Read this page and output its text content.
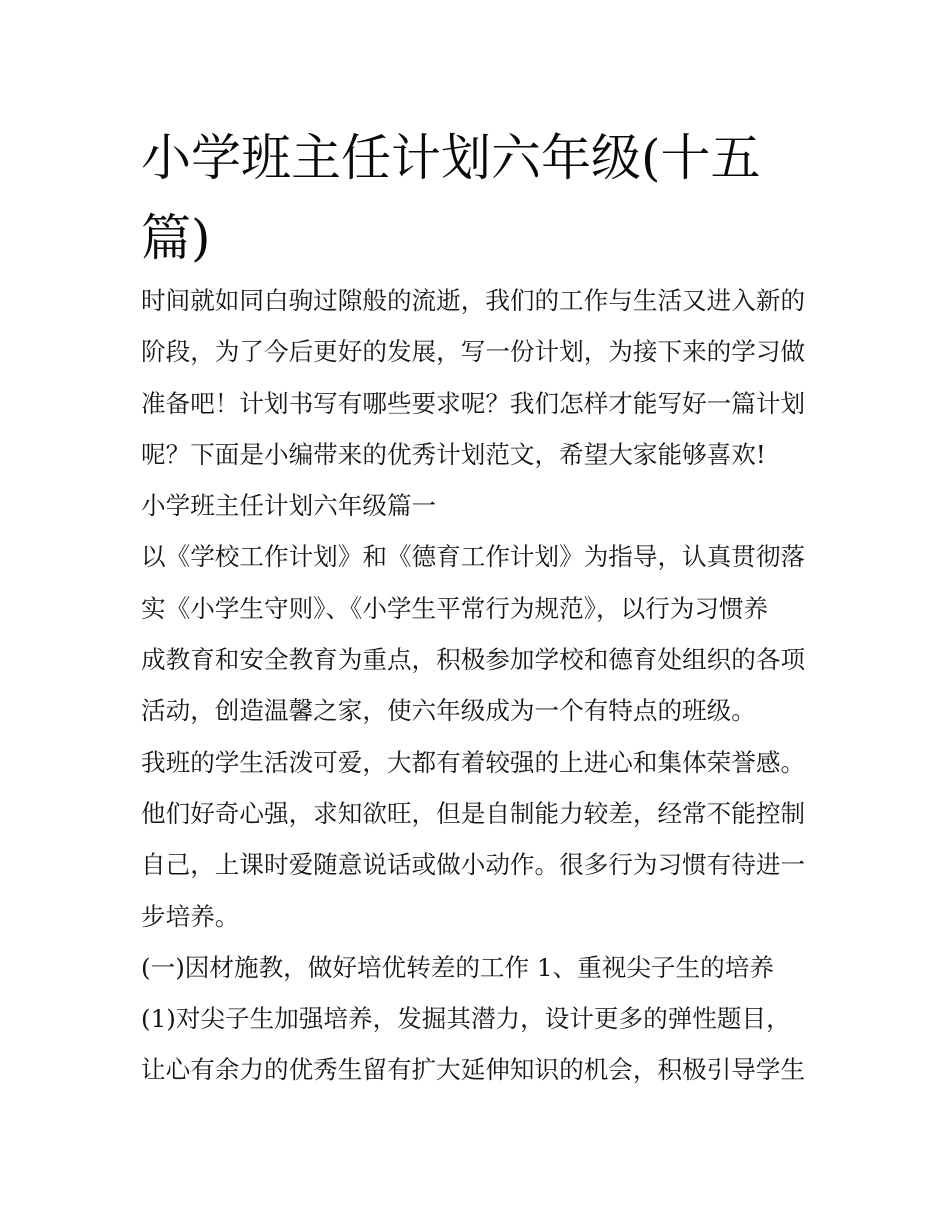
小学班主任计划六年级(十五
篇)
时间就如同白驹过隙般的流逝，我们的工作与生活又进入新的
阶段，为了今后更好的发展，写一份计划，为接下来的学习做
准备吧！计划书写有哪些要求呢？我们怎样才能写好一篇计划
呢？下面是小编带来的优秀计划范文，希望大家能够喜欢!
小学班主任计划六年级篇一
以《学校工作计划》和《德育工作计划》为指导，认真贯彻落
实《小学生守则》、《小学生平常行为规范》，以行为习惯养
成教育和安全教育为重点，积极参加学校和德育处组织的各项
活动，创造温馨之家，使六年级成为一个有特点的班级。
我班的学生活泼可爱，大都有着较强的上进心和集体荣誉感。
他们好奇心强，求知欲旺，但是自制能力较差，经常不能控制
自己，上课时爱随意说话或做小动作。很多行为习惯有待进一
步培养。
(一)因材施教，做好培优转差的工作 1、重视尖子生的培养
(1)对尖子生加强培养，发掘其潜力，设计更多的弹性题目，
让心有余力的优秀生留有扩大延伸知识的机会，积极引导学生
